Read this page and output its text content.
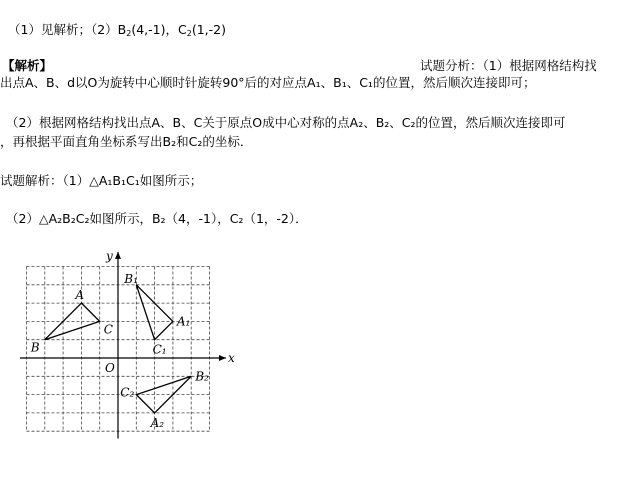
（1）见解析；$(2)B_2(4,-1)$，$C_2(1,-2)$
【解析】	试题分析：（1）根据网格结构找
出点A、B、d以O为旋转中心顺时针旋转90°后的对应点A₁、B₁、C₁的位置，然后顺次连接即可；
（2）根据网格结构找出点A、B、C关于原点O成中心对称的点A₂、B₂、C₂的位置，然后顺次连接即可
，再根据平面直角坐标系写出B₂和C₂的坐标．
试题解析：（1）△A₁B₁C₁如图所示；
（2）△A₂B₂C₂如图所示，B₂（4，-1），C₂（1，-2）．
x
y
O
A
B
C
A₁
B₁
C₁
A₂
B₂
C₂
